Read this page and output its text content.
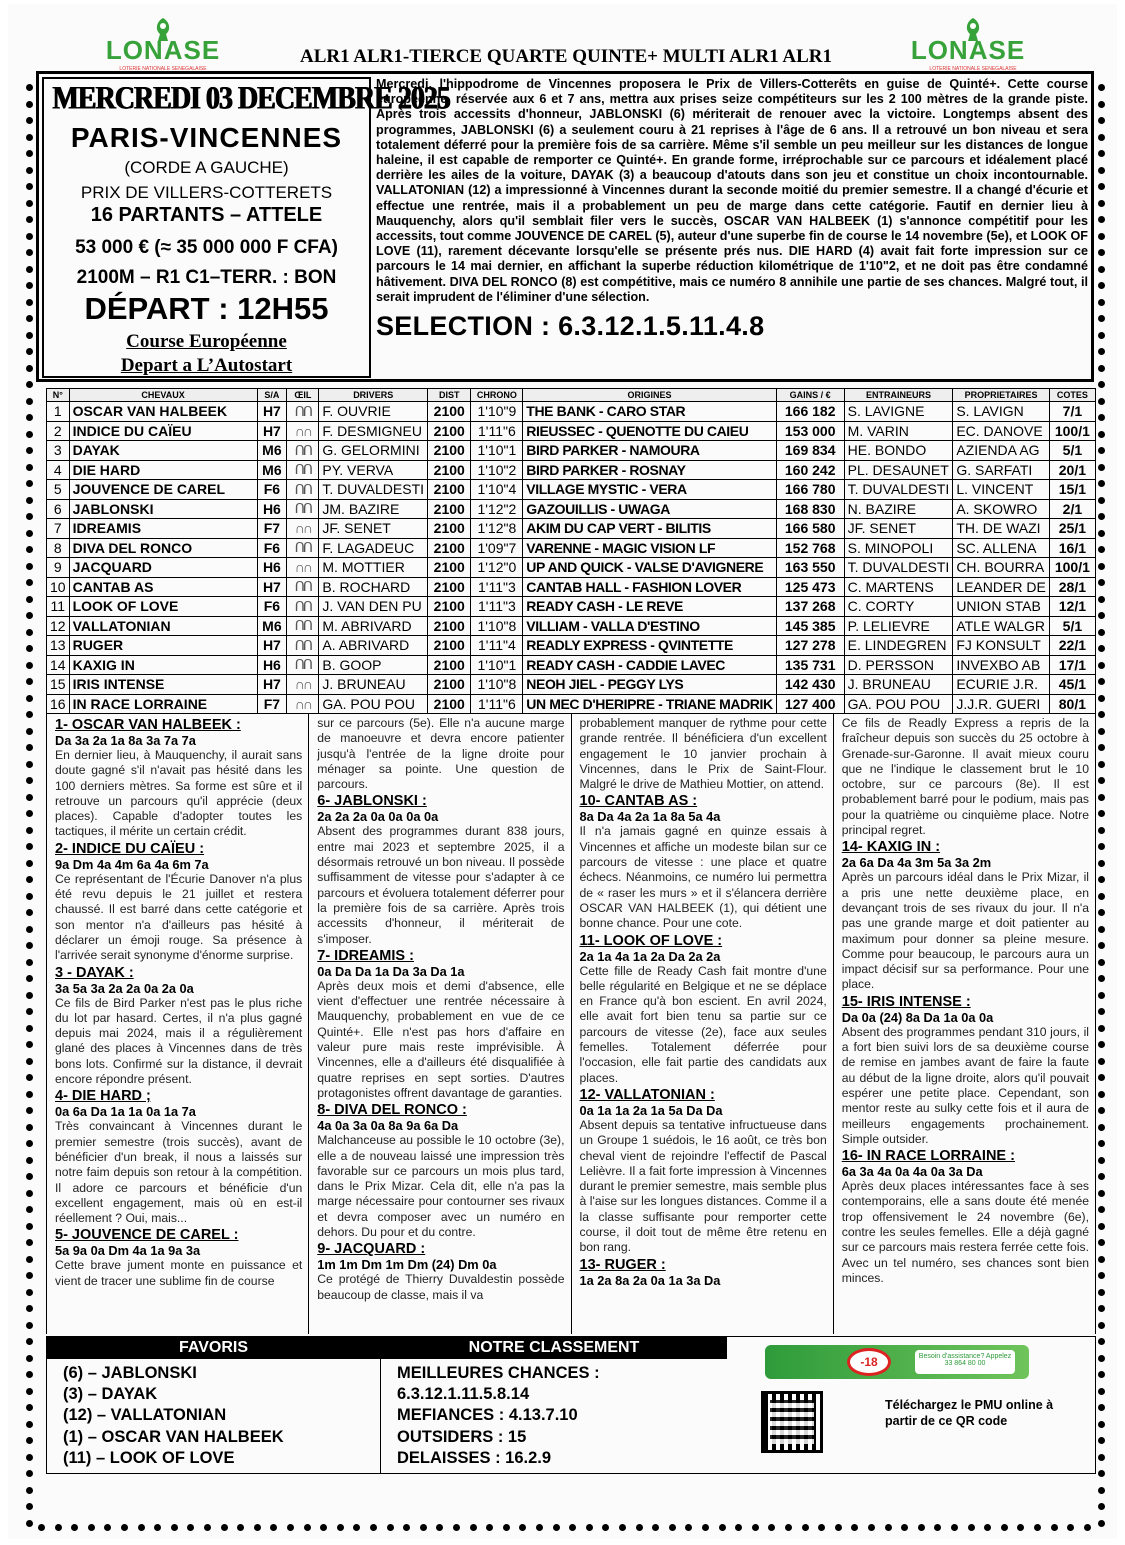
LONASE
LOTERIE NATIONALE SENEGALAISE
ALR1 ALR1-TIERCE QUARTE QUINTE+ MULTI ALR1 ALR1	LONASE
LOTERIE NATIONALE SENEGALAISE
MERCREDI 03 DECEMBRE 2025
PARIS-VINCENNES
(CORDE A GAUCHE)
PRIX DE VILLERS-COTTERETS
16 PARTANTS – ATTELE
53 000 € (≈ 35 000 000 F CFA)
2100M – R1 C1–TERR. : BON
DÉPART : 12H55
Course Européenne
Depart a L’Autostart
Mercredi, l'hippodrome de Vincennes proposera le Prix de Villers-Cotterêts en guise de Quinté+. Cette course européenne, réservée aux 6 et 7 ans, mettra aux prises seize compétiteurs sur les 2 100 mètres de la grande piste. Après trois accessits d'honneur, JABLONSKI (6) mériterait de renouer avec la victoire. Longtemps absent des programmes, JABLONSKI (6) a seulement couru à 21 reprises à l'âge de 6 ans. Il a retrouvé un bon niveau et sera totalement déferré pour la première fois de sa carrière. Même s'il semble un peu meilleur sur les distances de longue haleine, il est capable de remporter ce Quinté+. En grande forme, irréprochable sur ce parcours et idéalement placé derrière les ailes de la voiture, DAYAK (3) a beaucoup d'atouts dans son jeu et constitue un choix incontournable. VALLATONIAN (12) a impressionné à Vincennes durant la seconde moitié du premier semestre. Il a changé d'écurie et effectue une rentrée, mais il a probablement un peu de marge dans cette catégorie. Fautif en dernier lieu à Mauquenchy, alors qu'il semblait filer vers le succès, OSCAR VAN HALBEEK (1) s'annonce compétitif pour les accessits, tout comme JOUVENCE DE CAREL (5), auteur d'une superbe fin de course le 14 novembre (5e), et LOOK OF LOVE (11), rarement décevante lorsqu'elle se présente prés nus. DIE HARD (4) avait fait forte impression sur ce parcours le 14 mai dernier, en affichant la superbe réduction kilométrique de 1'10"2, et ne doit pas être condamné hâtivement. DIVA DEL RONCO (8) est compétitive, mais ce numéro 8 annihile une partie de ses chances. Malgré tout, il serait imprudent de l'éliminer d'une sélection.
SELECTION : 6.3.12.1.5.11.4.8
N°	CHEVAUX	S/A	ŒIL	DRIVERS	DIST	CHRONO	ORIGINES	GAINS / €	ENTRAINEURS	PROPRIETAIRES	COTES
1	OSCAR VAN HALBEEK	H7	ᑎᑎ	F. OUVRIE	2100	1'10"9	THE BANK - CARO STAR	166 182	S. LAVIGNE	S. LAVIGN	7/1
2	INDICE DU CAÏEU	H7	∩∩	F. DESMIGNEU	2100	1'11"6	RIEUSSEC - QUENOTTE DU CAIEU	153 000	M. VARIN	EC. DANOVE	100/1
3	DAYAK	M6	ᑎᑎ	G. GELORMINI	2100	1'10"1	BIRD PARKER - NAMOURA	169 834	HE. BONDO	AZIENDA AG	5/1
4	DIE HARD	M6	ᑎᑎ	PY. VERVA	2100	1'10"2	BIRD PARKER - ROSNAY	160 242	PL. DESAUNET	G. SARFATI	20/1
5	JOUVENCE DE CAREL	F6	ᑎᑎ	T. DUVALDESTI	2100	1'10"4	VILLAGE MYSTIC - VERA	166 780	T. DUVALDESTI	L. VINCENT	15/1
6	JABLONSKI	H6	ᑎᑎ	JM. BAZIRE	2100	1'12"2	GAZOUILLIS - UWAGA	168 830	N. BAZIRE	A. SKOWRO	2/1
7	IDREAMIS	F7	∩∩	JF. SENET	2100	1'12"8	AKIM DU CAP VERT - BILITIS	166 580	JF. SENET	TH. DE WAZI	25/1
8	DIVA DEL RONCO	F6	ᑎᑎ	F. LAGADEUC	2100	1'09"7	VARENNE - MAGIC VISION LF	152 768	S. MINOPOLI	SC. ALLENA	16/1
9	JACQUARD	H6	∩∩	M. MOTTIER	2100	1'12"0	UP AND QUICK - VALSE D'AVIGNERE	163 550	T. DUVALDESTI	CH. BOURRA	100/1
10	CANTAB AS	H7	ᑎᑎ	B. ROCHARD	2100	1'11"3	CANTAB HALL - FASHION LOVER	125 473	C. MARTENS	LEANDER DE	28/1
11	LOOK OF LOVE	F6	ᑎᑎ	J. VAN DEN PU	2100	1'11"3	READY CASH - LE REVE	137 268	C. CORTY	UNION STAB	12/1
12	VALLATONIAN	M6	ᑎᑎ	M. ABRIVARD	2100	1'10"8	VILLIAM - VALLA D'ESTINO	145 385	P. LELIEVRE	ATLE WALGR	5/1
13	RUGER	H7	ᑎᑎ	A. ABRIVARD	2100	1'11"4	READLY EXPRESS - QVINTETTE	127 278	E. LINDEGREN	FJ KONSULT	22/1
14	KAXIG IN	H6	ᑎᑎ	B. GOOP	2100	1'10"1	READY CASH - CADDIE LAVEC	135 731	D. PERSSON	INVEXBO AB	17/1
15	IRIS INTENSE	H7	∩∩	J. BRUNEAU	2100	1'10"8	NEOH JIEL - PEGGY LYS	142 430	J. BRUNEAU	ECURIE J.R.	45/1
16	IN RACE LORRAINE	F7	∩∩	GA. POU POU	2100	1'11"6	UN MEC D'HERIPRE - TRIANE MADRIK	127 400	GA. POU POU	J.J.R. GUERI	80/1
1- OSCAR VAN HALBEEK :
Da 3a 2a 1a 8a 3a 7a 7a
En dernier lieu, à Mauquenchy, il aurait sans doute gagné s'il n'avait pas hésité dans les 100 derniers mètres. Sa forme est sûre et il retrouve un parcours qu'il apprécie (deux places). Capable d'adopter toutes les tactiques, il mérite un certain crédit.
2- INDICE DU CAÏEU :
9a Dm 4a 4m 6a 4a 6m 7a
Ce représentant de l'Écurie Danover n'a plus été revu depuis le 21 juillet et restera chaussé. Il est barré dans cette catégorie et son mentor n'a d'ailleurs pas hésité à déclarer un émoji rouge. Sa présence à l'arrivée serait synonyme d'énorme surprise.
3 - DAYAK :
3a 5a 3a 2a 2a 0a 2a 0a
Ce fils de Bird Parker n'est pas le plus riche du lot par hasard. Certes, il n'a plus gagné depuis mai 2024, mais il a régulièrement glané des places à Vincennes dans de très bons lots. Confirmé sur la distance, il devrait encore répondre présent.
4- DIE HARD ;
0a 6a Da 1a 1a 0a 1a 7a
Très convaincant à Vincennes durant le premier semestre (trois succès), avant de bénéficier d'un break, il nous a laissés sur notre faim depuis son retour à la compétition. Il adore ce parcours et bénéficie d'un excellent engagement, mais où en est-il réellement ? Oui, mais...
5- JOUVENCE DE CAREL :
5a 9a 0a Dm 4a 1a 9a 3a
Cette brave jument monte en puissance et vient de tracer une sublime fin de course
sur ce parcours (5e). Elle n'a aucune marge de manoeuvre et devra encore patienter jusqu'à l'entrée de la ligne droite pour ménager sa pointe. Une question de parcours.
6- JABLONSKI :
2a 2a 2a 0a 0a 0a 0a
Absent des programmes durant 838 jours, entre mai 2023 et septembre 2025, il a désormais retrouvé un bon niveau. Il possède suffisamment de vitesse pour s'adapter à ce parcours et évoluera totalement déferrer pour la première fois de sa carrière. Après trois accessits d'honneur, il mériterait de s'imposer.
7- IDREAMIS :
0a Da Da 1a Da 3a Da 1a
Après deux mois et demi d'absence, elle vient d'effectuer une rentrée nécessaire à Mauquenchy, probablement en vue de ce Quinté+. Elle n'est pas hors d'affaire en valeur pure mais reste imprévisible. À Vincennes, elle a d'ailleurs été disqualifiée à quatre reprises en sept sorties. D'autres protagonistes offrent davantage de garanties.
8- DIVA DEL RONCO :
4a 0a 3a 0a 8a 9a 6a Da
Malchanceuse au possible le 10 octobre (3e), elle a de nouveau laissé une impression très favorable sur ce parcours un mois plus tard, dans le Prix Mizar. Cela dit, elle n'a pas la marge nécessaire pour contourner ses rivaux et devra composer avec un numéro en dehors. Du pour et du contre.
9- JACQUARD :
1m 1m Dm 1m Dm (24) Dm 0a
Ce protégé de Thierry Duvaldestin possède beaucoup de classe, mais il va
probablement manquer de rythme pour cette grande rentrée. Il bénéficiera d'un excellent engagement le 10 janvier prochain à Vincennes, dans le Prix de Saint-Flour. Malgré le drive de Mathieu Mottier, on attend.
10- CANTAB AS :
8a Da 4a 2a 1a 8a 5a 4a
Il n'a jamais gagné en quinze essais à Vincennes et affiche un modeste bilan sur ce parcours de vitesse : une place et quatre échecs. Néanmoins, ce numéro lui permettra de « raser les murs » et il s'élancera derrière OSCAR VAN HALBEEK (1), qui détient une bonne chance. Pour une cote.
11- LOOK OF LOVE :
2a 1a 4a 1a 2a Da 2a 2a
Cette fille de Ready Cash fait montre d'une belle régularité en Belgique et ne se déplace en France qu'à bon escient. En avril 2024, elle avait fort bien tenu sa partie sur ce parcours de vitesse (2e), face aux seules femelles. Totalement déferrée pour l'occasion, elle fait partie des candidats aux places.
12- VALLATONIAN :
0a 1a 1a 2a 1a 5a Da Da
Absent depuis sa tentative infructueuse dans un Groupe 1 suédois, le 16 août, ce très bon cheval vient de rejoindre l'effectif de Pascal Lelièvre. Il a fait forte impression à Vincennes durant le premier semestre, mais semble plus à l'aise sur les longues distances. Comme il a la classe suffisante pour remporter cette course, il doit tout de même être retenu en bon rang.
13- RUGER :
1a 2a 8a 2a 0a 1a 3a Da
Ce fils de Readly Express a repris de la fraîcheur depuis son succès du 25 octobre à Grenade-sur-Garonne. Il avait mieux couru que ne l'indique le classement brut le 10 octobre, sur ce parcours (8e). Il est probablement barré pour le podium, mais pas pour la quatrième ou cinquième place. Notre principal regret.
14- KAXIG IN :
2a 6a Da 4a 3m 5a 3a 2m
Après un parcours idéal dans le Prix Mizar, il a pris une nette deuxième place, en devançant trois de ses rivaux du jour. Il n'a pas une grande marge et doit patienter au maximum pour donner sa pleine mesure. Comme pour beaucoup, le parcours aura un impact décisif sur sa performance. Pour une place.
15- IRIS INTENSE :
Da 0a (24) 8a Da 1a 0a 0a
Absent des programmes pendant 310 jours, il a fort bien suivi lors de sa deuxième course de remise en jambes avant de faire la faute au début de la ligne droite, alors qu'il pouvait espérer une petite place. Cependant, son mentor reste au sulky cette fois et il aura de meilleurs engagements prochainement. Simple outsider.
16- IN RACE LORRAINE :
6a 3a 4a 0a 4a 0a 3a Da
Après deux places intéressantes face à ses contemporains, elle a sans doute été menée trop offensivement le 24 novembre (6e), contre les seules femelles. Elle a déjà gagné sur ce parcours mais restera ferrée cette fois. Avec un tel numéro, ses chances sont bien minces.
FAVORIS
(6) – JABLONSKI
(3) – DAYAK
(12) – VALLATONIAN
(1) – OSCAR VAN HALBEEK
(11) – LOOK OF LOVE
NOTRE CLASSEMENT
MEILLEURES CHANCES :
6.3.12.1.11.5.8.14
MEFIANCES : 4.13.7.10
OUTSIDERS : 15
DELAISSES : 16.2.9
-18	Besoin d'assistance? Appelez 33 864 80 00
Téléchargez le PMU online à partir de ce QR code
